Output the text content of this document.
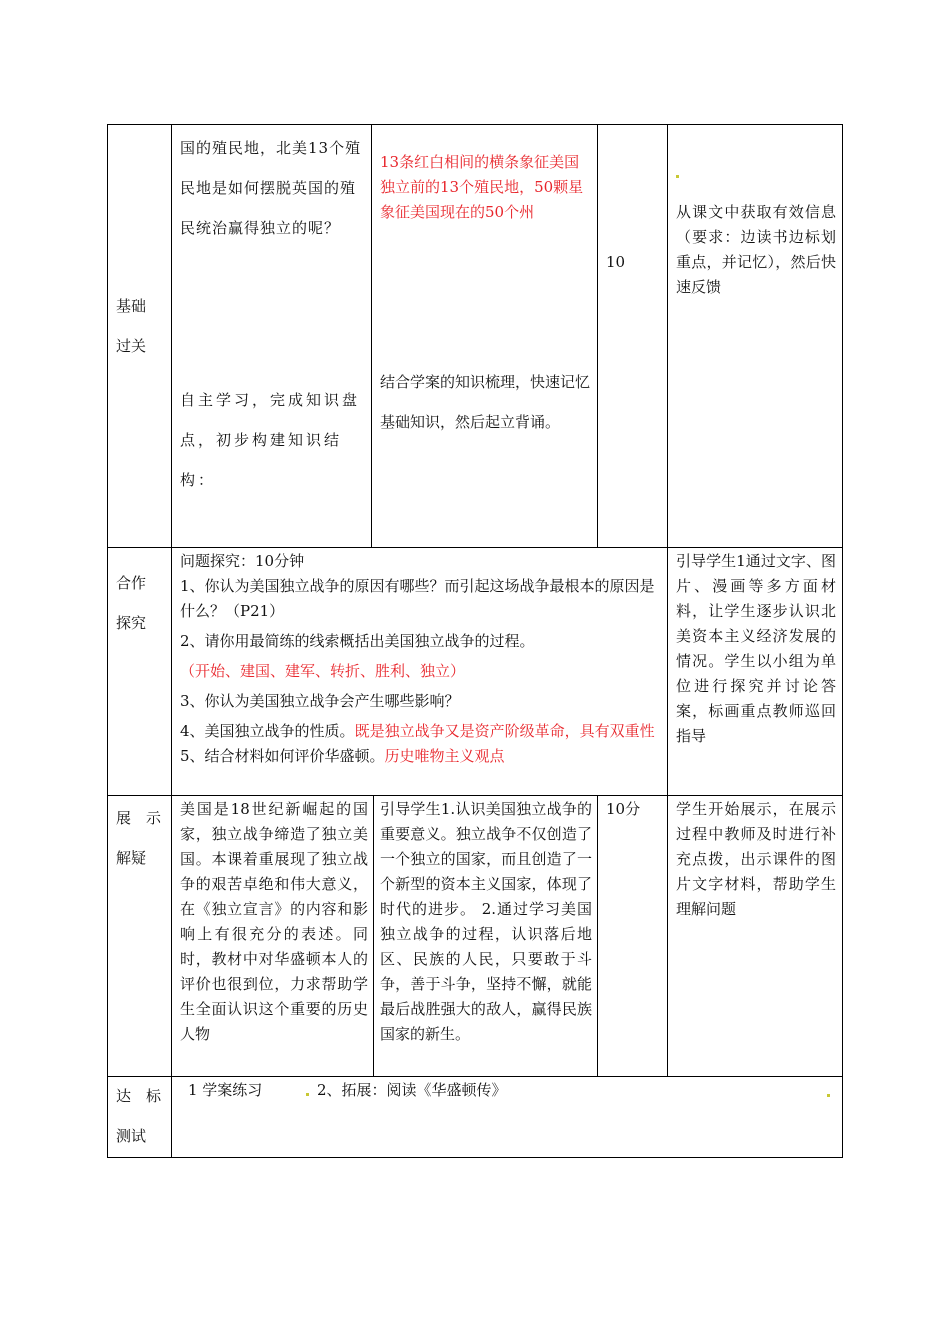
基础
过关
国的殖民地，北美13个殖民地是如何摆脱英国的殖民统治赢得独立的呢？
自主学习，完成知识盘点，初步构建知识结构：
13条红白相间的横条象征美国独立前的13个殖民地，50颗星象征美国现在的50个州
结合学案的知识梳理，快速记忆基础知识，然后起立背诵。
10
从课文中获取有效信息（要求：边读书边标划重点，并记忆），然后快速反馈
合作
探究
问题探究：10分钟
1、你认为美国独立战争的原因有哪些？而引起这场战争最根本的原因是什么？（P21）
2、请你用最简练的线索概括出美国独立战争的过程。
（开始、建国、建军、转折、胜利、独立）
3、你认为美国独立战争会产生哪些影响？
4、美国独立战争的性质。既是独立战争又是资产阶级革命，具有双重性
5、结合材料如何评价华盛顿。历史唯物主义观点
引导学生1通过文字、图片、漫画等多方面材料，让学生逐步认识北美资本主义经济发展的情况。学生以小组为单位进行探究并讨论答案，标画重点教师巡回指导
展　示
解疑
美国是18世纪新崛起的国家，独立战争缔造了独立美国。本课着重展现了独立战争的艰苦卓绝和伟大意义，在《独立宣言》的内容和影响上有很充分的表述。同时，教材中对华盛顿本人的评价也很到位，力求帮助学生全面认识这个重要的历史人物
引导学生1.认识美国独立战争的重要意义。独立战争不仅创造了一个独立的国家，而且创造了一个新型的资本主义国家，体现了时代的进步。 2.通过学习美国独立战争的过程，认识落后地区、民族的人民，只要敢于斗争，善于斗争，坚持不懈，就能最后战胜强大的敌人，赢得民族国家的新生。
10分	学生开始展示，在展示过程中教师及时进行补充点拨，出示课件的图片文字材料，帮助学生理解问题
达　标
测试
1 学案练习	2、拓展：阅读《华盛顿传》
